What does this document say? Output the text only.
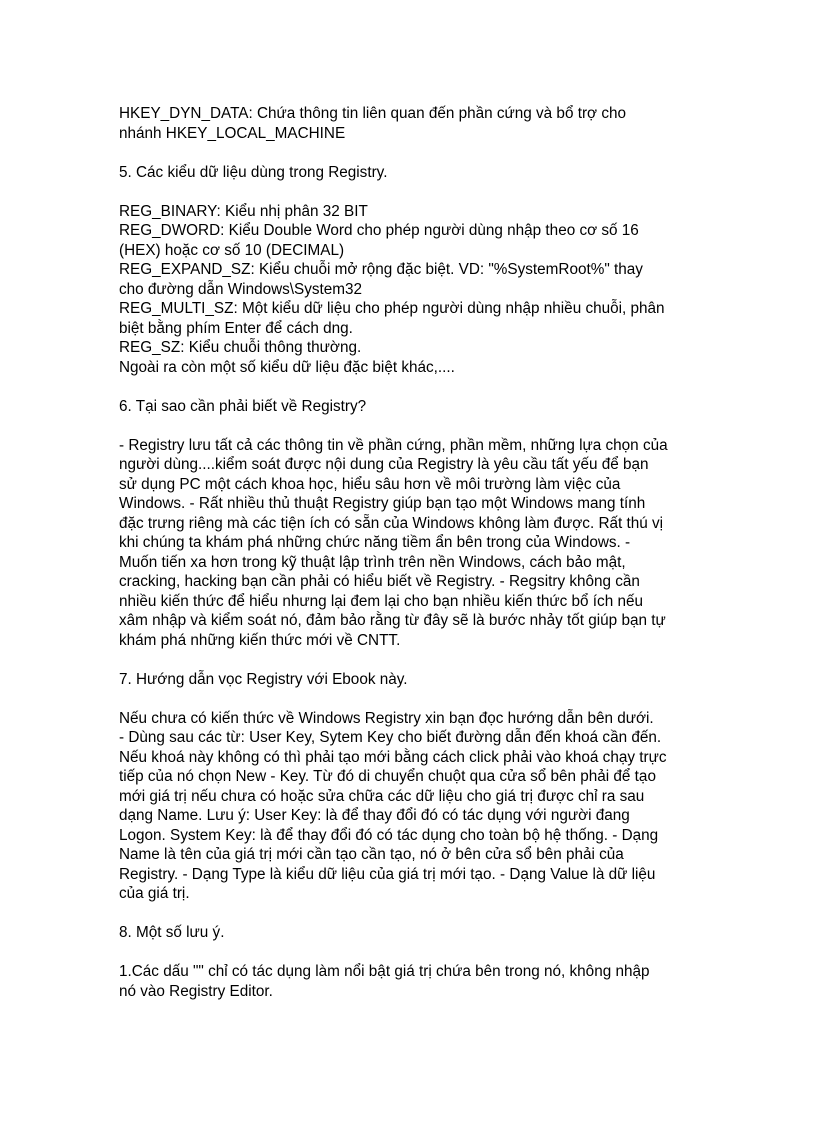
HKEY_DYN_DATA: Chứa thông tin liên quan đến phần cứng và bổ trợ cho
nhánh HKEY_LOCAL_MACHINE
5. Các kiểu dữ liệu dùng trong Registry.
REG_BINARY: Kiểu nhị phân 32 BIT
REG_DWORD: Kiểu Double Word cho phép người dùng nhập theo cơ số 16
(HEX) hoặc cơ số 10 (DECIMAL)
REG_EXPAND_SZ: Kiểu chuỗi mở rộng đặc biệt. VD: "%SystemRoot%" thay
cho đường dẫn Windows\System32
REG_MULTI_SZ: Một kiểu dữ liệu cho phép người dùng nhập nhiều chuỗi, phân
biệt bằng phím Enter để cách dng.
REG_SZ: Kiểu chuỗi thông thường.
Ngoài ra còn một số kiểu dữ liệu đặc biệt khác,....
6. Tại sao cần phải biết về Registry?
- Registry lưu tất cả các thông tin về phần cứng, phần mềm, những lựa chọn của
người dùng....kiểm soát được nội dung của Registry là yêu cầu tất yếu để bạn
sử dụng PC một cách khoa học, hiểu sâu hơn về môi trường làm việc của
Windows. - Rất nhiều thủ thuật Registry giúp bạn tạo một Windows mang tính
đặc trưng riêng mà các tiện ích có sẵn của Windows không làm được. Rất thú vị
khi chúng ta khám phá những chức năng tiềm ẩn bên trong của Windows. -
Muốn tiến xa hơn trong kỹ thuật lập trình trên nền Windows, cách bảo mật,
cracking, hacking bạn cần phải có hiểu biết về Registry. - Regsitry không cần
nhiều kiến thức để hiểu nhưng lại đem lại cho bạn nhiều kiến thức bổ ích nếu
xâm nhập và kiểm soát nó, đảm bảo rằng từ đây sẽ là bước nhảy tốt giúp bạn tự
khám phá những kiến thức mới về CNTT.
7. Hướng dẫn vọc Registry với Ebook này.
Nếu chưa có kiến thức về Windows Registry xin bạn đọc hướng dẫn bên dưới.
- Dùng sau các từ: User Key, Sytem Key cho biết đường dẫn đến khoá cần đến.
Nếu khoá này không có thì phải tạo mới bằng cách click phải vào khoá chạy trực
tiếp của nó chọn New - Key. Từ đó di chuyển chuột qua cửa sổ bên phải để tạo
mới giá trị nếu chưa có hoặc sửa chữa các dữ liệu cho giá trị được chỉ ra sau
dạng Name. Lưu ý: User Key: là để thay đổi đó có tác dụng với người đang
Logon. System Key: là để thay đổi đó có tác dụng cho toàn bộ hệ thống. - Dạng
Name là tên của giá trị mới cần tạo cần tạo, nó ở bên cửa sổ bên phải của
Registry. - Dạng Type là kiểu dữ liệu của giá trị mới tạo. - Dạng Value là dữ liệu
của giá trị.
8. Một số lưu ý.
1.Các dấu "" chỉ có tác dụng làm nổi bật giá trị chứa bên trong nó, không nhập
nó vào Registry Editor.
